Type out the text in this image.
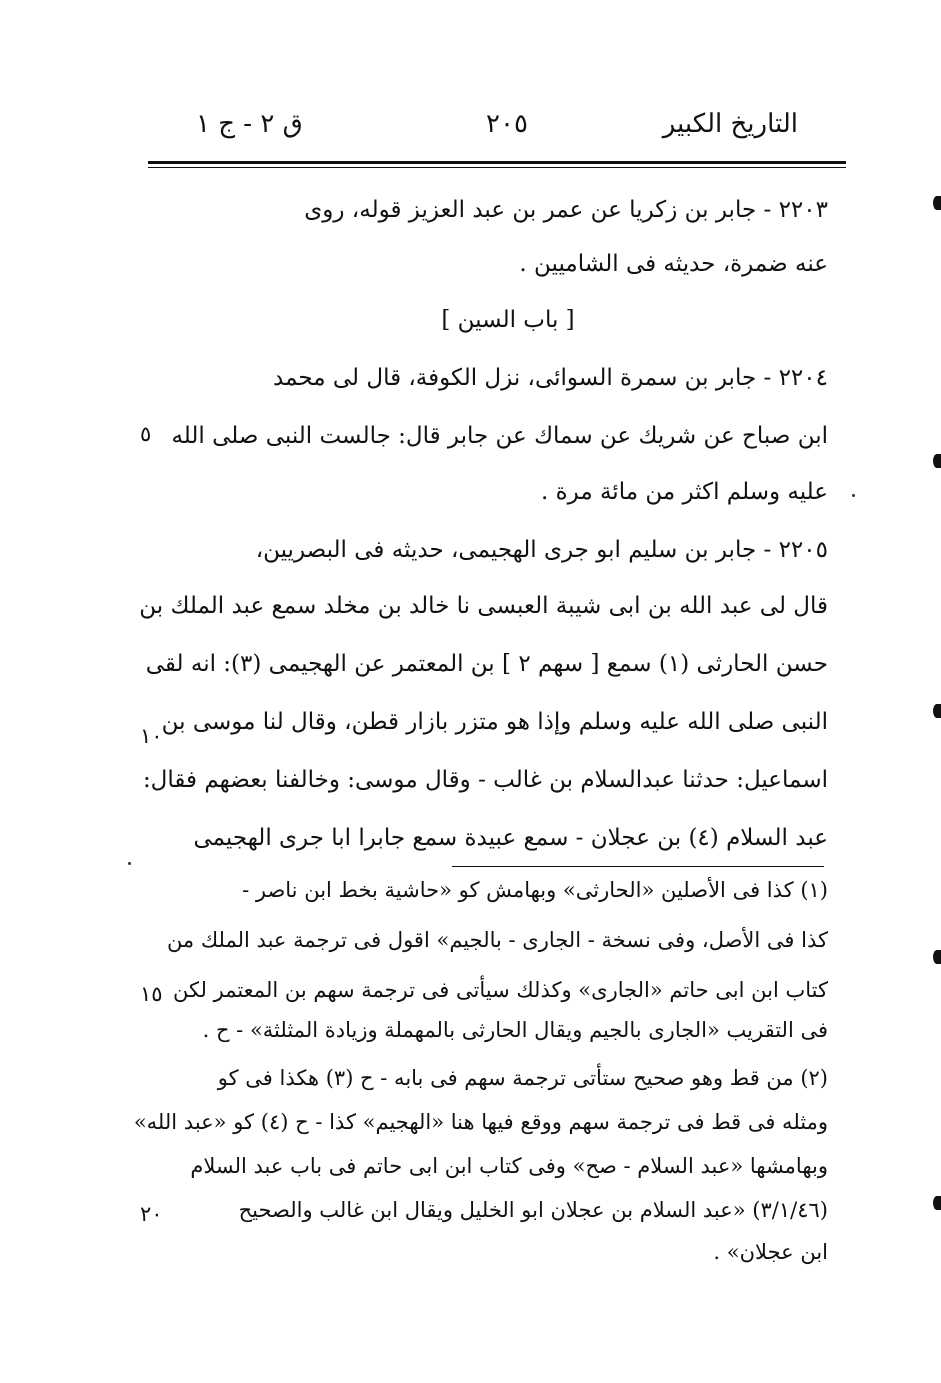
التاريخ الكبير
٢٠٥
ق ٢ - ج ١
٢٢٠٣ - جابر بن زكريا عن عمر بن عبد العزيز قوله، روى
عنه ضمرة، حديثه فى الشاميين .
[ باب السين ]
٢٢٠٤ - جابر بن سمرة السوائى، نزل الكوفة، قال لى محمد
ابن صباح عن شريك عن سماك عن جابر قال: جالست النبى صلى الله
عليه وسلم اكثر من مائة مرة .
٢٢٠٥ - جابر بن سليم ابو جرى الهجيمى، حديثه فى البصريين،
قال لى عبد الله بن ابى شيبة العبسى نا خالد بن مخلد سمع عبد الملك بن
حسن الحارثى (١) سمع [ سهم ٢ ] بن المعتمر عن الهجيمى (٣): انه لقى
النبى صلى الله عليه وسلم وإذا هو متزر بازار قطن، وقال لنا موسى بن
اسماعيل: حدثنا عبدالسلام بن غالب - وقال موسى: وخالفنا بعضهم فقال:
عبد السلام (٤) بن عجلان - سمع عبيدة سمع جابرا ابا جرى الهجيمى
(١) كذا فى الأصلين «الحارثى» وبهامش كو «حاشية بخط ابن ناصر -
كذا فى الأصل، وفى نسخة - الجارى - بالجيم» اقول فى ترجمة عبد الملك من
كتاب ابن ابى حاتم «الجارى» وكذلك سيأتى فى ترجمة سهم بن المعتمر لكن
فى التقريب «الجارى بالجيم ويقال الحارثى بالمهملة وزيادة المثلثة» - ح .
(٢) من قط وهو صحيح ستأتى ترجمة سهم فى بابه - ح (٣) هكذا فى كو
ومثله فى قط فى ترجمة سهم ووقع فيها هنا «الهجيم» كذا - ح (٤) كو «عبد الله»
وبهامشها «عبد السلام - صح» وفى كتاب ابن ابى حاتم فى باب عبد السلام
(٣/١/٤٦) «عبد السلام بن عجلان ابو الخليل ويقال ابن غالب والصحيح
ابن عجلان» .
٥
١٠
١٥
٢٠
